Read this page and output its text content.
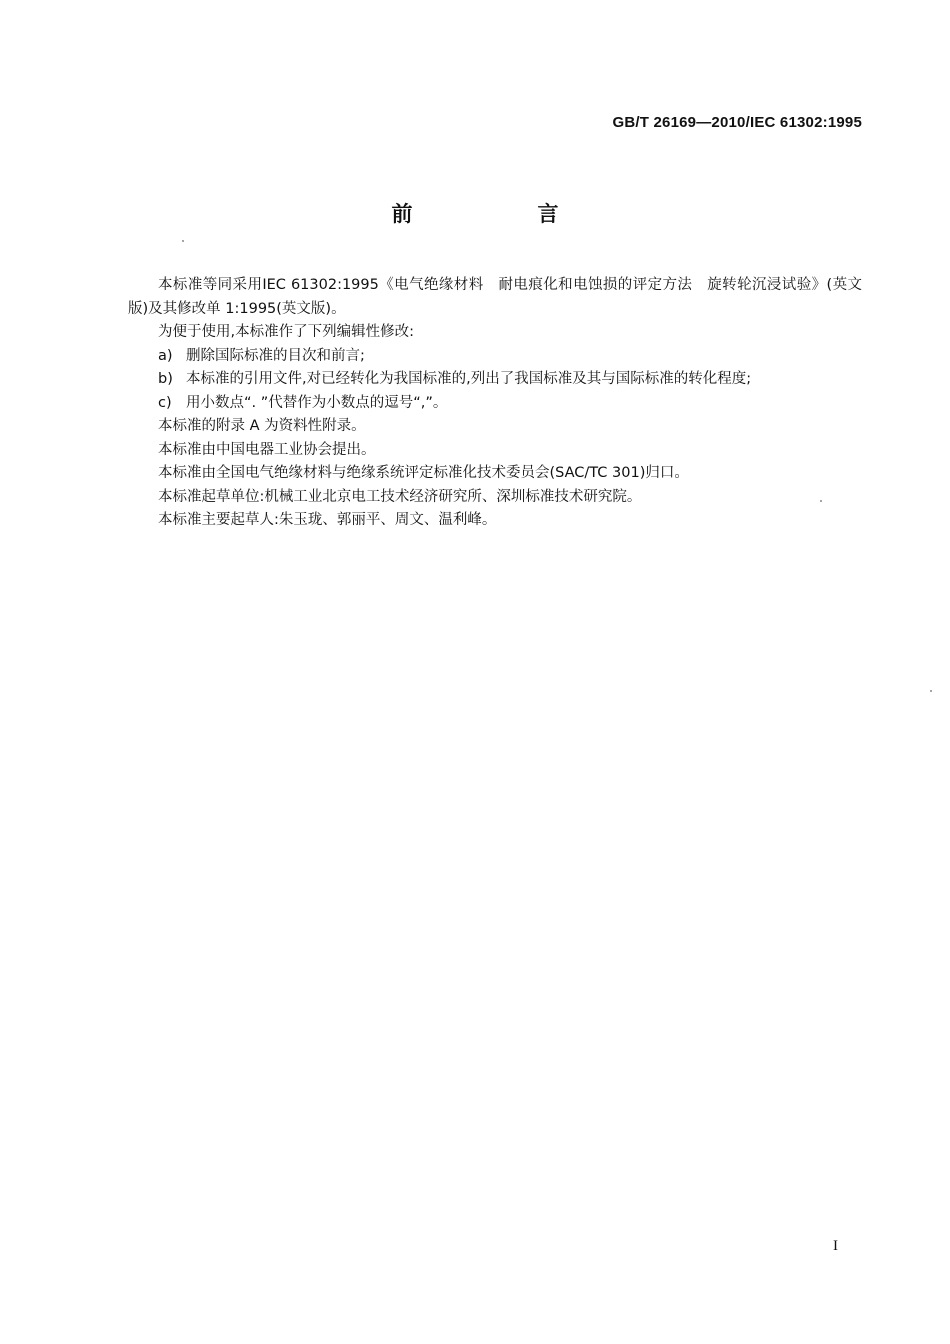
GB/T 26169—2010/IEC 61302:1995
前　言

本标准等同采用IEC 61302:1995《电气绝缘材料　耐电痕化和电蚀损的评定方法　旋转轮沉浸试验》(英文版)及其修改单 1:1995(英文版)。

为便于使用,本标准作了下列编辑性修改:

a) 删除国际标准的目次和前言;

b) 本标准的引用文件,对已经转化为我国标准的,列出了我国标准及其与国际标准的转化程度;

c) 用小数点“. ”代替作为小数点的逗号“,”。

本标准的附录 A 为资料性附录。

本标准由中国电器工业协会提出。

本标准由全国电气绝缘材料与绝缘系统评定标准化技术委员会(SAC/TC 301)归口。

本标准起草单位:机械工业北京电工技术经济研究所、深圳标准技术研究院。

本标准主要起草人:朱玉珑、郭丽平、周文、温利峰。

I
